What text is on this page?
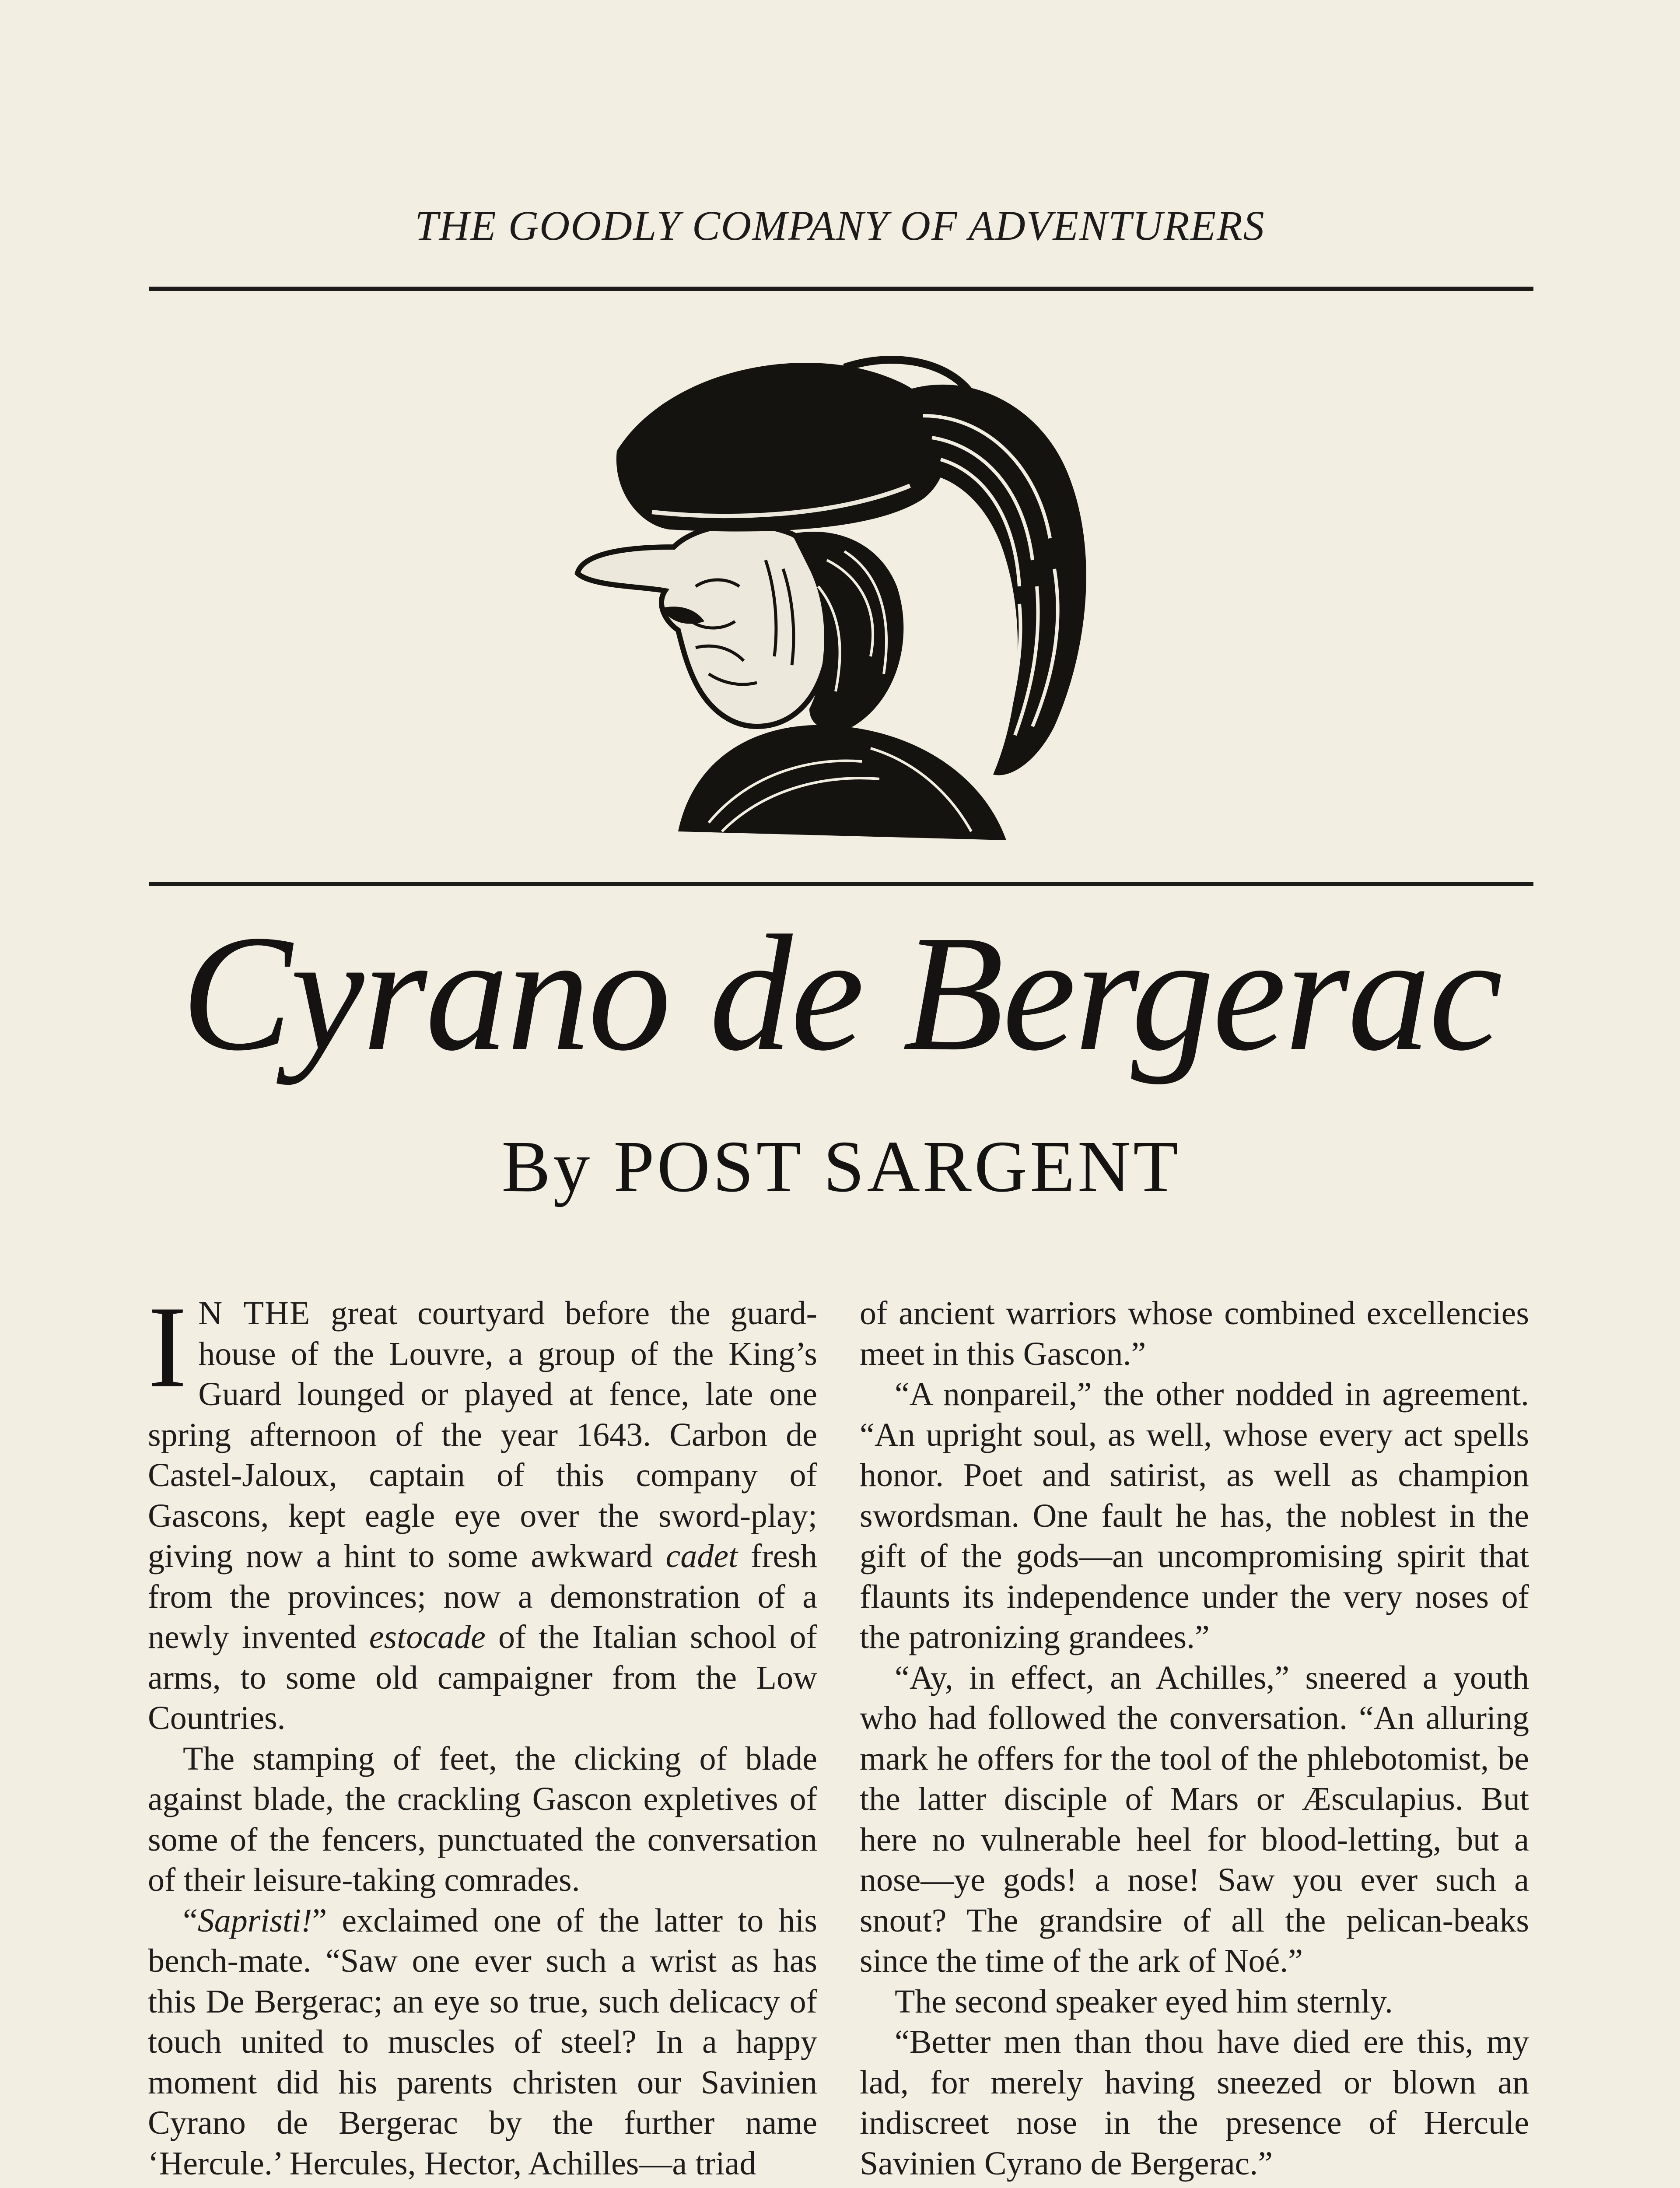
THE GOODLY COMPANY OF ADVENTURERS
Cyrano de Bergerac
By POST SARGENT

I N THE great courtyard before the guard-house of the Louvre, a group of the King’s Guard lounged or played at fence, late one spring afternoon of the year 1643. Carbon de Castel-Jaloux, captain of this company of Gascons, kept eagle eye over the sword-play; giving now a hint to some awkward cadet fresh from the provinces; now a demonstration of a newly invented estocade of the Italian school of arms, to some old campaigner from the Low Countries.

The stamping of feet, the clicking of blade against blade, the crackling Gascon expletives of some of the fencers, punctuated the conversation of their leisure-taking comrades.

“Sapristi!” exclaimed one of the latter to his bench-mate. “Saw one ever such a wrist as has this De Bergerac; an eye so true, such delicacy of touch united to muscles of steel? In a happy moment did his parents christen our Savinien Cyrano de Bergerac by the further name ‘Hercule.’ Hercules, Hector, Achilles—a triad

of ancient warriors whose combined excellencies meet in this Gascon.”

“A nonpareil,” the other nodded in agreement. “An upright soul, as well, whose every act spells honor. Poet and satirist, as well as champion swordsman. One fault he has, the noblest in the gift of the gods—an uncompromising spirit that flaunts its independence under the very noses of the patronizing grandees.”

“Ay, in effect, an Achilles,” sneered a youth who had followed the conversation. “An alluring mark he offers for the tool of the phlebotomist, be the latter disciple of Mars or Æsculapius. But here no vulnerable heel for blood-letting, but a nose—ye gods! a nose! Saw you ever such a snout? The grandsire of all the pelican-beaks since the time of the ark of Noé.”

The second speaker eyed him sternly.

“Better men than thou have died ere this, my lad, for merely having sneezed or blown an indiscreet nose in the presence of Hercule Savinien Cyrano de Bergerac.”
